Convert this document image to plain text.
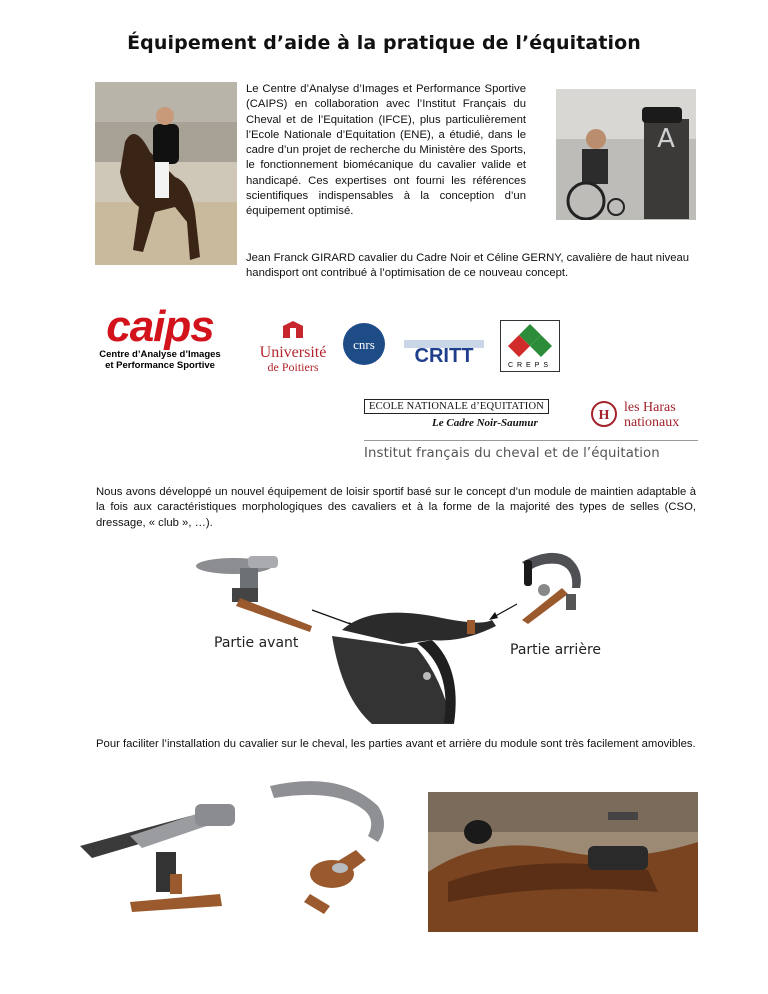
Équipement d’aide à la pratique de l’équitation
Le Centre d’Analyse d’Images et Performance Sportive (CAIPS) en collaboration avec l’Institut Français du Cheval et de l’Equitation (IFCE), plus particulièrement l’Ecole Nationale d’Equitation (ENE), a étudié, dans le cadre d’un projet de recherche du Ministère des Sports, le fonctionnement biomécanique du cavalier valide et handicapé. Ces expertises ont fourni les références scientifiques indispensables à la conception d’un équipement optimisé.
A
Jean Franck GIRARD cavalier du Cadre Noir et Céline GERNY, cavalière de haut niveau handisport ont contribué à l’optimisation de ce nouveau concept.
caips
Centre d’Analyse d’Images
et Performance Sportive
Université
de Poitiers
cnrs
CRITT	CREPS
ECOLE NATIONALE d’EQUITATION
Le Cadre Noir-Saumur	H
les Haras
nationaux
Institut français du cheval et de l’équitation
Nous avons développé un nouvel équipement de loisir sportif basé sur le concept d’un module de maintien adaptable à la fois aux caractéristiques morphologiques des cavaliers et à la forme de la majorité des types de selles (CSO, dressage, « club », …).
Partie avant	Partie arrière
Pour faciliter l’installation du cavalier sur le cheval, les parties avant et arrière du module sont très facilement amovibles.
